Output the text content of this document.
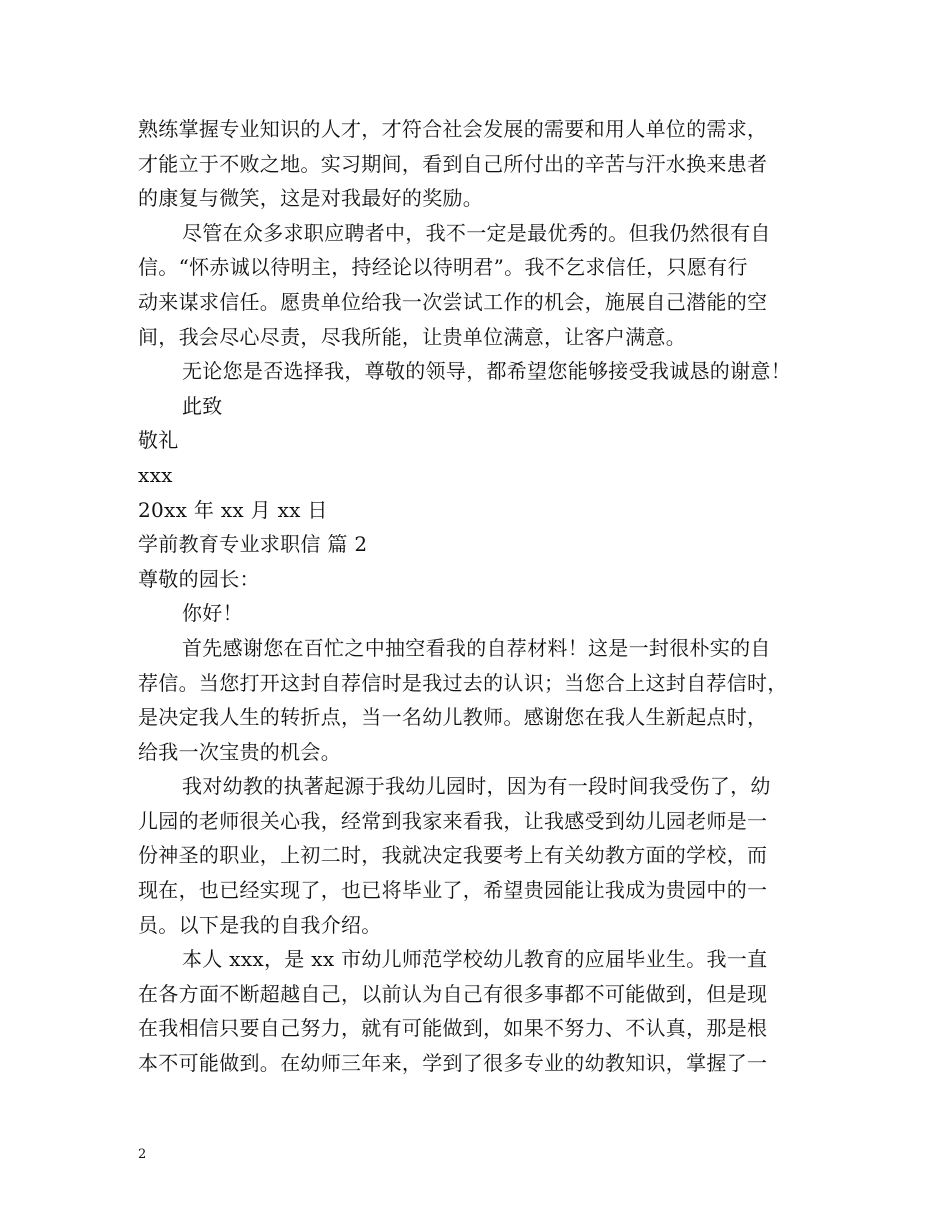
熟练掌握专业知识的人才，才符合社会发展的需要和用人单位的需求，
才能立于不败之地。实习期间，看到自己所付出的辛苦与汗水换来患者
的康复与微笑，这是对我最好的奖励。
尽管在众多求职应聘者中，我不一定是最优秀的。但我仍然很有自
信。“怀赤诚以待明主，持经论以待明君”。我不乞求信任，只愿有行
动来谋求信任。愿贵单位给我一次尝试工作的机会，施展自己潜能的空
间，我会尽心尽责，尽我所能，让贵单位满意，让客户满意。
无论您是否选择我，尊敬的领导，都希望您能够接受我诚恳的谢意！
此致
敬礼
xxx
20xx 年 xx 月 xx 日
学前教育专业求职信 篇 2
尊敬的园长：
你好！
首先感谢您在百忙之中抽空看我的自荐材料！这是一封很朴实的自
荐信。当您打开这封自荐信时是我过去的认识；当您合上这封自荐信时，
是决定我人生的转折点，当一名幼儿教师。感谢您在我人生新起点时，
给我一次宝贵的机会。
我对幼教的执著起源于我幼儿园时，因为有一段时间我受伤了，幼
儿园的老师很关心我，经常到我家来看我，让我感受到幼儿园老师是一
份神圣的职业，上初二时，我就决定我要考上有关幼教方面的学校，而
现在，也已经实现了，也已将毕业了，希望贵园能让我成为贵园中的一
员。以下是我的自我介绍。
本人 xxx，是 xx 市幼儿师范学校幼儿教育的应届毕业生。我一直
在各方面不断超越自己，以前认为自己有很多事都不可能做到，但是现
在我相信只要自己努力，就有可能做到，如果不努力、不认真，那是根
本不可能做到。在幼师三年来，学到了很多专业的幼教知识，掌握了一
2
